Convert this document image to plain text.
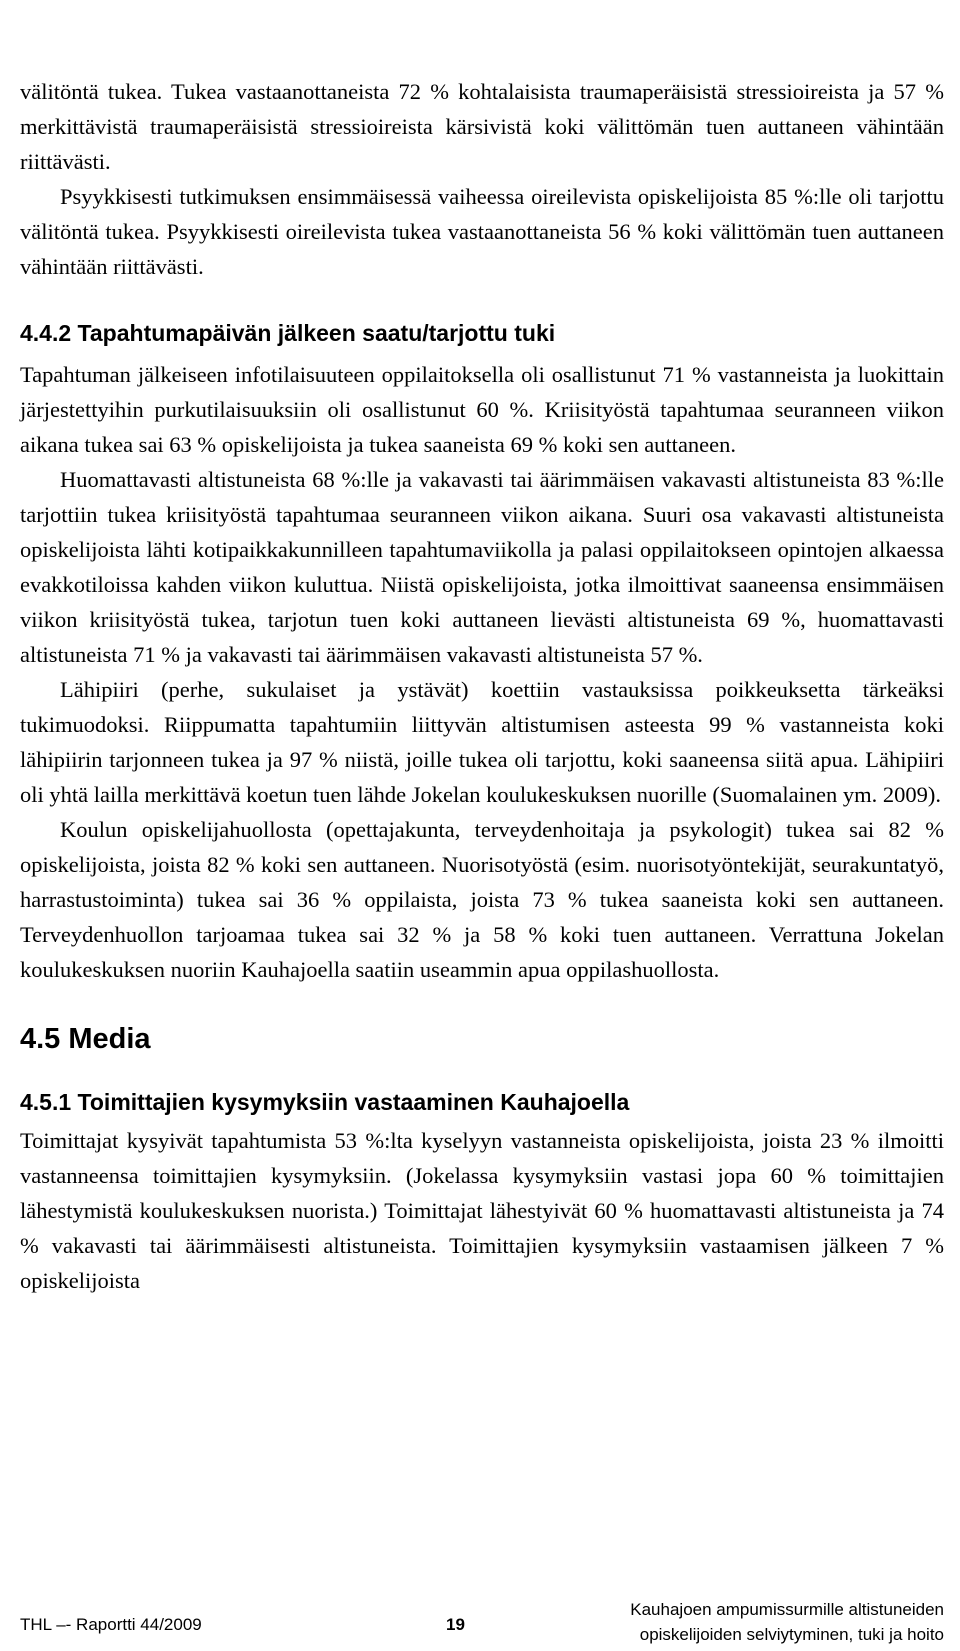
välitöntä tukea. Tukea vastaanottaneista 72 % kohtalaisista traumaperäisistä stressioireista ja 57 % merkittävistä traumaperäisistä stressioireista kärsivistä koki välittömän tuen auttaneen vähintään riittävästi.

Psyykkisesti tutkimuksen ensimmäisessä vaiheessa oireilevista opiskelijoista 85 %:lle oli tarjottu välitöntä tukea. Psyykkisesti oireilevista tukea vastaanottaneista 56 % koki välittömän tuen auttaneen vähintään riittävästi.

4.4.2 Tapahtumapäivän jälkeen saatu/tarjottu tuki

Tapahtuman jälkeiseen infotilaisuuteen oppilaitoksella oli osallistunut 71 % vastanneista ja luokittain järjestettyihin purkutilaisuuksiin oli osallistunut 60 %. Kriisityöstä tapahtumaa seuranneen viikon aikana tukea sai 63 % opiskelijoista ja tukea saaneista 69 % koki sen auttaneen.

Huomattavasti altistuneista 68 %:lle ja vakavasti tai äärimmäisen vakavasti altistuneista 83 %:lle tarjottiin tukea kriisityöstä tapahtumaa seuranneen viikon aikana. Suuri osa vakavasti altistuneista opiskelijoista lähti kotipaikkakunnilleen tapahtumaviikolla ja palasi oppilaitokseen opintojen alkaessa evakkotiloissa kahden viikon kuluttua. Niistä opiskelijoista, jotka ilmoittivat saaneensa ensimmäisen viikon kriisityöstä tukea, tarjotun tuen koki auttaneen lievästi altistuneista 69 %, huomattavasti altistuneista 71 % ja vakavasti tai äärimmäisen vakavasti altistuneista 57 %.

Lähipiiri (perhe, sukulaiset ja ystävät) koettiin vastauksissa poikkeuksetta tärkeäksi tukimuodoksi. Riippumatta tapahtumiin liittyvän altistumisen asteesta 99 % vastanneista koki lähipiirin tarjonneen tukea ja 97 % niistä, joille tukea oli tarjottu, koki saaneensa siitä apua. Lähipiiri oli yhtä lailla merkittävä koetun tuen lähde Jokelan koulukeskuksen nuorille (Suomalainen ym. 2009).

Koulun opiskelijahuollosta (opettajakunta, terveydenhoitaja ja psykologit) tukea sai 82 % opiskelijoista, joista 82 % koki sen auttaneen. Nuorisotyöstä (esim. nuorisotyöntekijät, seurakuntatyö, harrastustoiminta) tukea sai 36 % oppilaista, joista 73 % tukea saaneista koki sen auttaneen. Terveydenhuollon tarjoamaa tukea sai 32 % ja 58 % koki tuen auttaneen. Verrattuna Jokelan koulukeskuksen nuoriin Kauhajoella saatiin useammin apua oppilashuollosta.

4.5 Media
4.5.1 Toimittajien kysymyksiin vastaaminen Kauhajoella

Toimittajat kysyivät tapahtumista 53 %:lta kyselyyn vastanneista opiskelijoista, joista 23 % ilmoitti vastanneensa toimittajien kysymyksiin. (Jokelassa kysymyksiin vastasi jopa 60 % toimittajien lähestymistä koulukeskuksen nuorista.) Toimittajat lähestyivät 60 % huomattavasti altistuneista ja 74 % vakavasti tai äärimmäisesti altistuneista. Toimittajien kysymyksiin vastaamisen jälkeen 7 % opiskelijoista

THL –- Raportti 44/2009	19
Kauhajoen ampumissurmille altistuneiden
opiskelijoiden selviytyminen, tuki ja hoito
